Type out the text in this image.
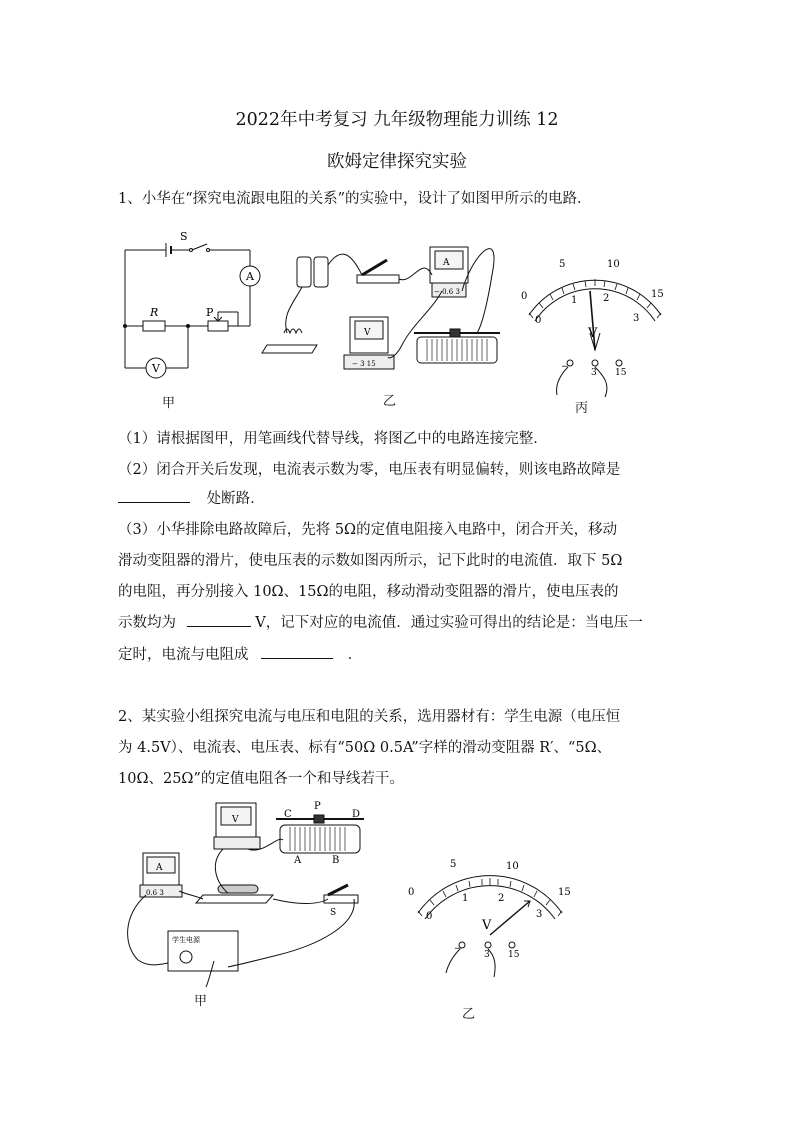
2022年中考复习 九年级物理能力训练 12
欧姆定律探究实验
1、小华在“探究电流跟电阻的关系”的实验中，设计了如图甲所示的电路．
S
A
R	P
V
甲
A
− 0.6 3
V
− 3 15
乙
5	10
15
0
0
1	2
3
V
−
3 15
丙
（1）请根据图甲，用笔画线代替导线，将图乙中的电路连接完整．
（2）闭合开关后发现，电流表示数为零，电压表有明显偏转，则该电路故障是
处断路．
（3）小华排除电路故障后，先将 5Ω的定值电阻接入电路中，闭合开关，移动
滑动变阻器的滑片，使电压表的示数如图丙所示，记下此时的电流值．取下 5Ω
的电阻，再分别接入 10Ω、15Ω的电阻，移动滑动变阻器的滑片，使电压表的
示数均为	V，记下对应的电流值．通过实验可得出的结论是：当电压一
定时，电流与电阻成	．
2、某实验小组探究电流与电压和电阻的关系，选用器材有：学生电源（电压恒
为 4.5V）、电流表、电压表、标有“50Ω 0.5A”字样的滑动变阻器 R′、“5Ω、
10Ω、25Ω”的定值电阻各一个和导线若干。
V
A
0.6 3
C
P
D
A	B
S
学生电源
甲
5	10
15
0
0
1	2
3
V
−
3 15
乙
